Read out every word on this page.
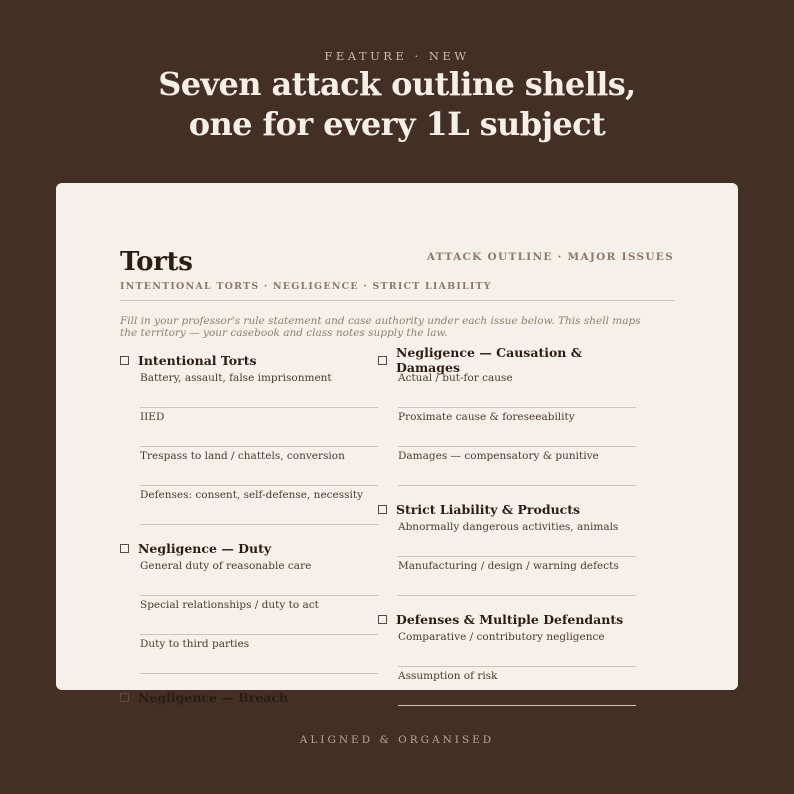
FEATURE · NEW
Seven attack outline shells,
one for every 1L subject
Torts	ATTACK OUTLINE · MAJOR ISSUES
INTENTIONAL TORTS · NEGLIGENCE · STRICT LIABILITY
Fill in your professor's rule statement and case authority under each issue below. This shell maps the territory — your casebook and class notes supply the law.
Intentional Torts
Battery, assault, false imprisonment
IIED
Trespass to land / chattels, conversion
Defenses: consent, self-defense, necessity
Negligence — Duty
General duty of reasonable care
Special relationships / duty to act
Duty to third parties
Negligence — Breach
Negligence — Causation & Damages
Actual / but-for cause
Proximate cause & foreseeability
Damages — compensatory & punitive
Strict Liability & Products
Abnormally dangerous activities, animals
Manufacturing / design / warning defects
Defenses & Multiple Defendants
Comparative / contributory negligence
Assumption of risk
ALIGNED & ORGANISED
